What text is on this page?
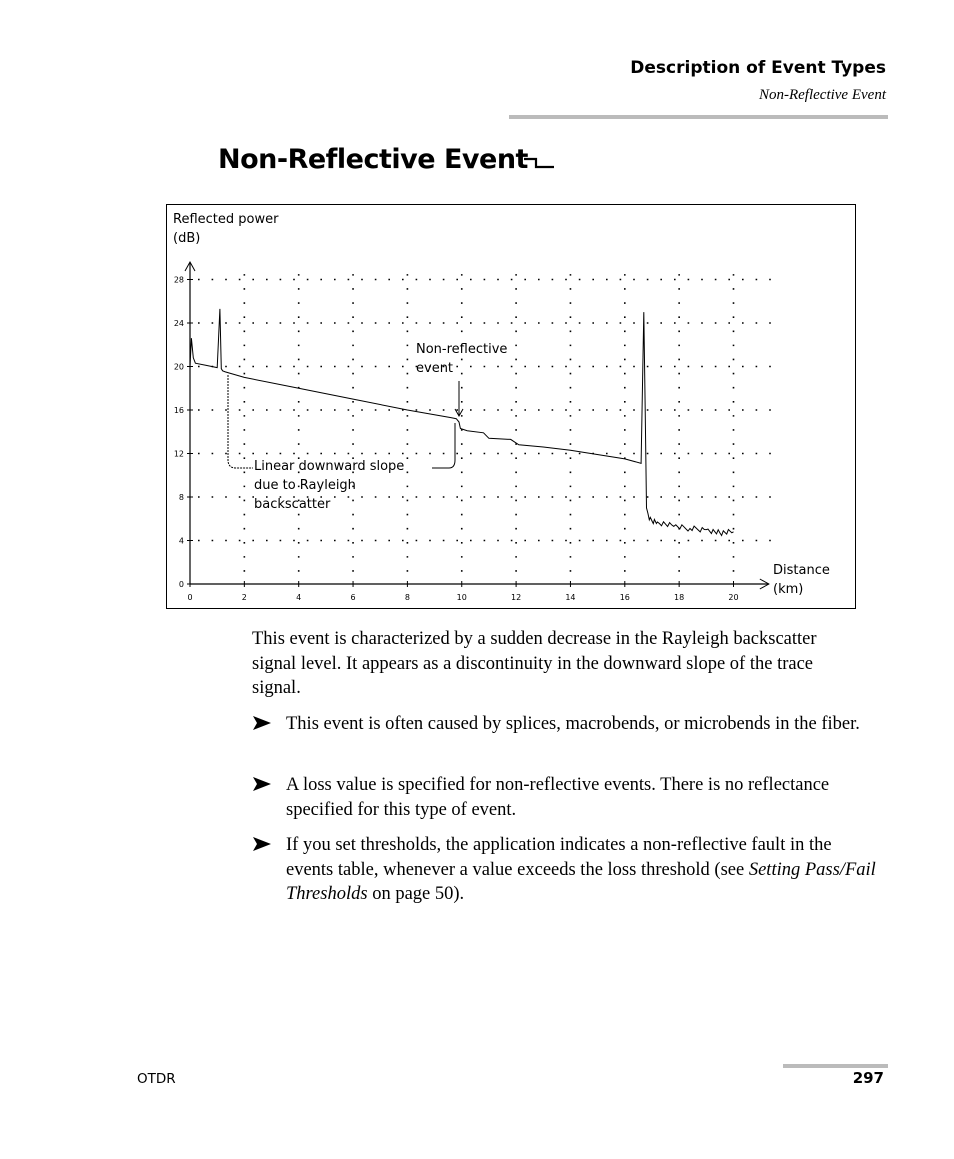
Description of Event Types
Non-Reflective Event
Non-Reflective Event
0	2	4	6	8	10	12	14	16	18	20
0
4
8
12
16
20
24
28
Reflected power
(dB)
Distance
(km)
Non-reflective
event
Linear downward slope
due to Rayleigh
backscatter
This event is characterized by a sudden decrease in the Rayleigh backscatter signal level. It appears as a discontinuity in the downward slope of the trace signal.
This event is often caused by splices, macrobends, or microbends in the fiber.
A loss value is specified for non-reflective events. There is no reflectance specified for this type of event.
If you set thresholds, the application indicates a non-reflective fault in the events table, whenever a value exceeds the loss threshold (see Setting Pass/Fail Thresholds on page 50).
OTDR	297
